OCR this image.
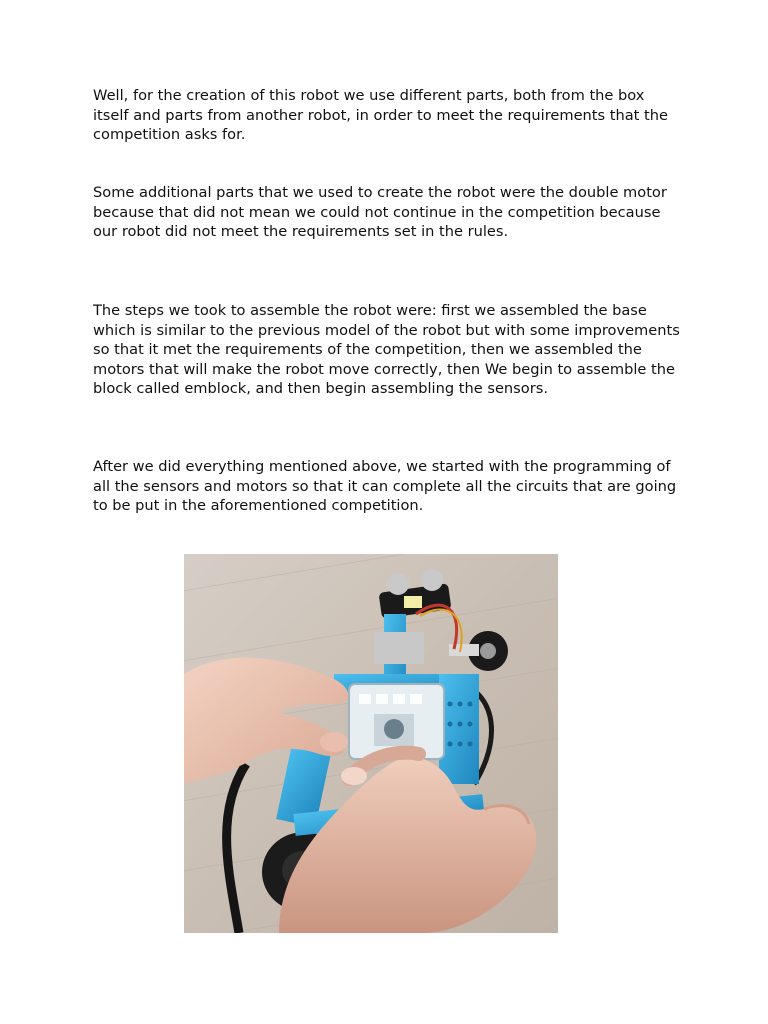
Well, for the creation of this robot we use different parts, both from the box itself and parts from another robot, in order to meet the requirements that the competition asks for.

Some additional parts that we used to create the robot were the double motor because that did not mean we could not continue in the competition because our robot did not meet the requirements set in the rules.

The steps we took to assemble the robot were: first we assembled the base which is similar to the previous model of the robot but with some improvements so that it met the requirements of the competition, then we assembled the motors that will make the robot move correctly, then We begin to assemble the block called emblock, and then begin assembling the sensors.

After we did everything mentioned above, we started with the programming of all the sensors and motors so that it can complete all the circuits that are going to be put in the aforementioned competition.
